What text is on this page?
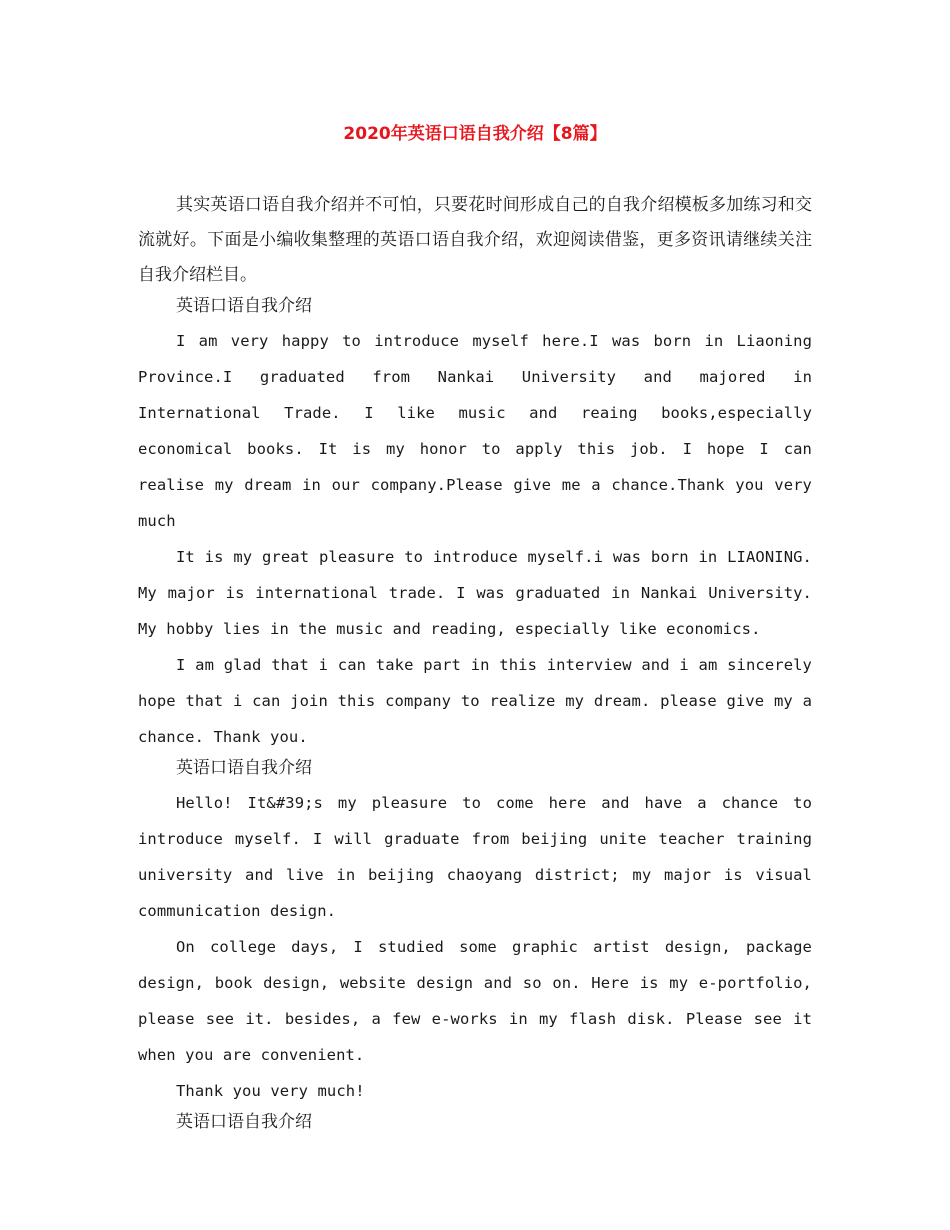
2020年英语口语自我介绍【8篇】

其实英语口语自我介绍并不可怕，只要花时间形成自己的自我介绍模板多加练习和交流就好。下面是小编收集整理的英语口语自我介绍，欢迎阅读借鉴，更多资讯请继续关注自我介绍栏目。

英语口语自我介绍

I am very happy to introduce myself here.I was born in Liaoning Province.I graduated from Nankai University and majored in International Trade. I like music and reaing books,especially economical books. It is my honor to apply this job. I hope I can realise my dream in our company.Please give me a chance.Thank you very much

It is my great pleasure to introduce myself.i was born in LIAONING. My major is international trade. I was graduated in Nankai University. My hobby lies in the music and reading, especially like economics.

I am glad that i can take part in this interview and i am sincerely hope that i can join this company to realize my dream. please give my a chance. Thank you.

英语口语自我介绍

Hello! It&#39;s my pleasure to come here and have a chance to introduce myself. I will graduate from beijing unite teacher training university and live in beijing chaoyang district; my major is visual communication design.

On college days, I studied some graphic artist design, package design, book design, website design and so on. Here is my e-portfolio, please see it. besides, a few e-works in my flash disk. Please see it when you are convenient.

Thank you very much!

英语口语自我介绍
